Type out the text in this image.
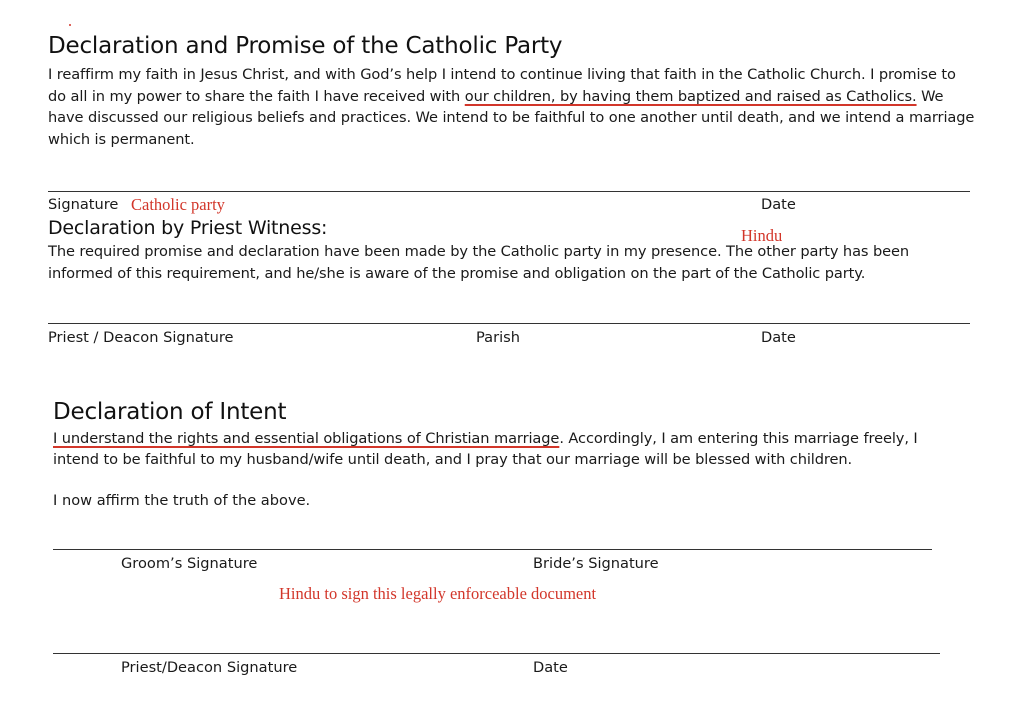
Declaration and Promise of the Catholic Party
I reaffirm my faith in Jesus Christ, and with God’s help I intend to continue living that faith in the Catholic Church. I promise to do all in my power to share the faith I have received with our children, by having them baptized and raised as Catholics. We have discussed our religious beliefs and practices. We intend to be faithful to one another until death, and we intend a marriage which is permanent.
Signature Catholic party	Date
Declaration by Priest Witness:	Hindu
The required promise and declaration have been made by the Catholic party in my presence. The other party has been informed of this requirement, and he/she is aware of the promise and obligation on the part of the Catholic party.
Priest / Deacon Signature	Parish	Date
Declaration of Intent
I understand the rights and essential obligations of Christian marriage. Accordingly, I am entering this marriage freely, I intend to be faithful to my husband/wife until death, and I pray that our marriage will be blessed with children.
I now affirm the truth of the above.
Groom’s Signature	Bride’s Signature
Hindu to sign this legally enforceable document
Priest/Deacon Signature	Date
